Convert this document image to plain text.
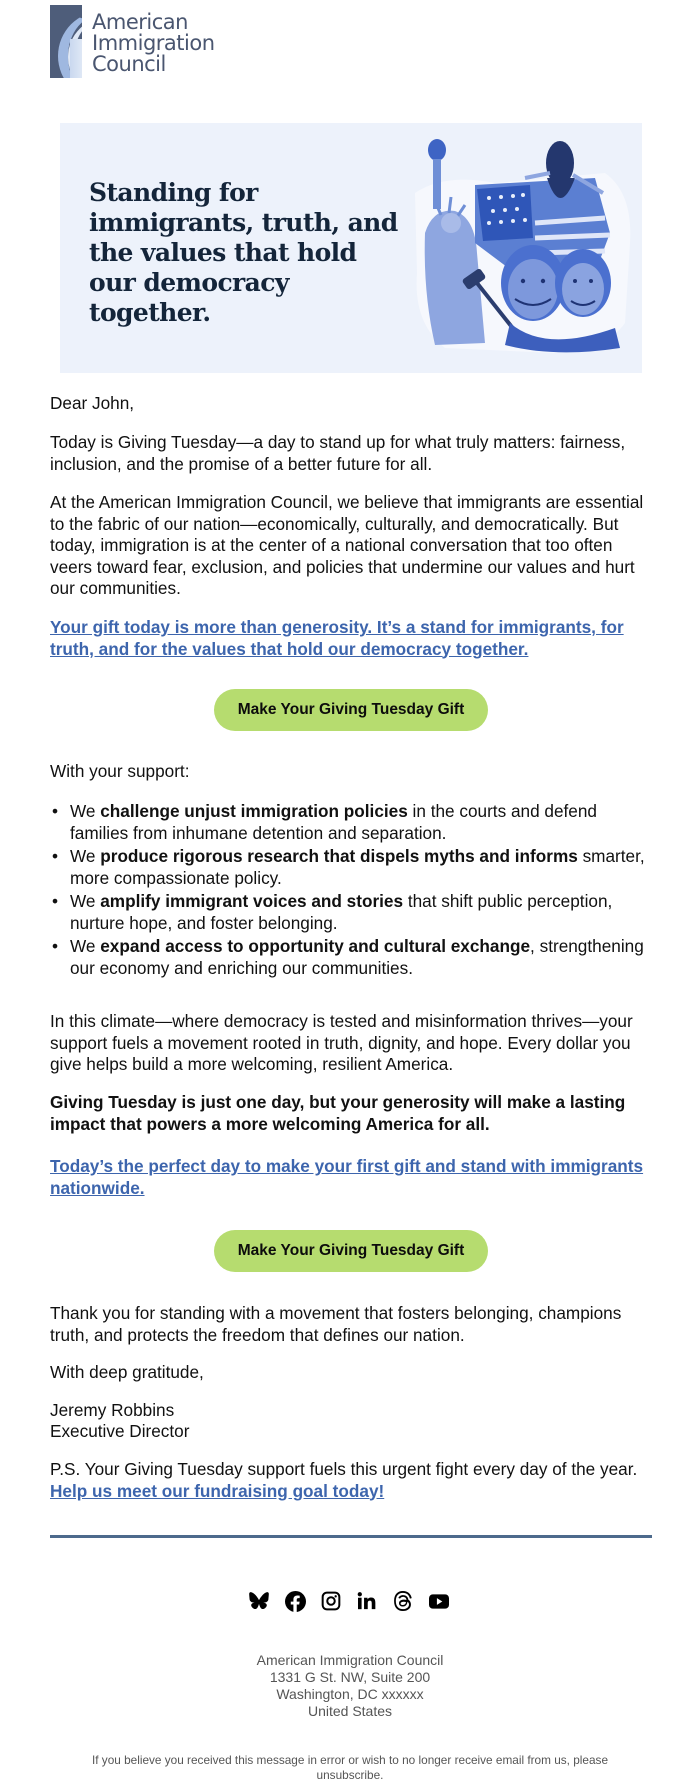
American
Immigration
Council
Standing for immigrants, truth, and the values that hold our democracy together.

Dear John,

Today is Giving Tuesday—a day to stand up for what truly matters: fairness, inclusion, and the promise of a better future for all.

At the American Immigration Council, we believe that immigrants are essential to the fabric of our nation—economically, culturally, and democratically. But today, immigration is at the center of a national conversation that too often veers toward fear, exclusion, and policies that undermine our values and hurt our communities.

Your gift today is more than generosity. It’s a stand for immigrants, for truth, and for the values that hold our democracy together.

Make Your Giving Tuesday Gift

With your support:

• We challenge unjust immigration policies in the courts and defend families from inhumane detention and separation.
• We produce rigorous research that dispels myths and informs smarter, more compassionate policy.
• We amplify immigrant voices and stories that shift public perception, nurture hope, and foster belonging.
• We expand access to opportunity and cultural exchange, strengthening our economy and enriching our communities.

In this climate—where democracy is tested and misinformation thrives—your support fuels a movement rooted in truth, dignity, and hope. Every dollar you give helps build a more welcoming, resilient America.

Giving Tuesday is just one day, but your generosity will make a lasting impact that powers a more welcoming America for all.

Today’s the perfect day to make your first gift and stand with immigrants nationwide.

Make Your Giving Tuesday Gift

Thank you for standing with a movement that fosters belonging, champions truth, and protects the freedom that defines our nation.

With deep gratitude,

Jeremy Robbins

Executive Director

P.S. Your Giving Tuesday support fuels this urgent fight every day of the year. Help us meet our fundraising goal today!

American Immigration Council
1331 G St. NW, Suite 200
Washington, DC xxxxxx
United States
If you believe you received this message in error or wish to no longer receive email from us, please unsubscribe.
